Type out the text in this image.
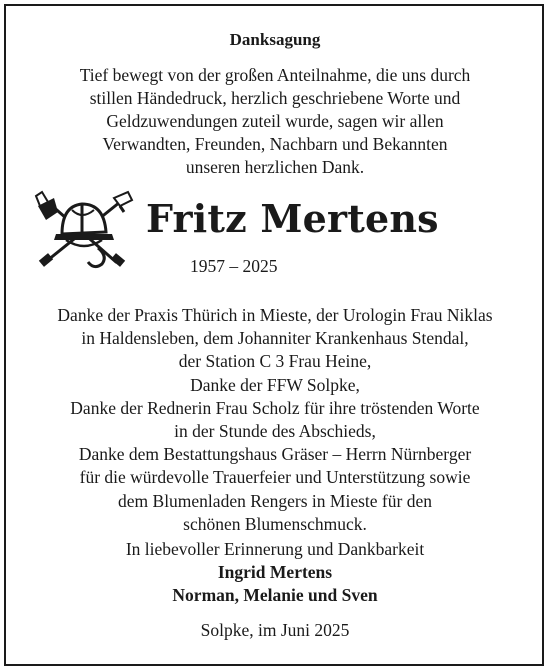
Danksagung
Tief bewegt von der großen Anteilnahme, die uns durch
stillen Händedruck, herzlich geschriebene Worte und
Geldzuwendungen zuteil wurde, sagen wir allen
Verwandten, Freunden, Nachbarn und Bekannten
unseren herzlichen Dank.
Fritz Mertens
1957 – 2025
Danke der Praxis Thürich in Mieste, der Urologin Frau Niklas
in Haldensleben, dem Johanniter Krankenhaus Stendal,
der Station C 3 Frau Heine,
Danke der FFW Solpke,
Danke der Rednerin Frau Scholz für ihre tröstenden Worte
in der Stunde des Abschieds,
Danke dem Bestattungshaus Gräser – Herrn Nürnberger
für die würdevolle Trauerfeier und Unterstützung sowie
dem Blumenladen Rengers in Mieste für den
schönen Blumenschmuck.
In liebevoller Erinnerung und Dankbarkeit
Ingrid Mertens
Norman, Melanie und Sven
Solpke, im Juni 2025
